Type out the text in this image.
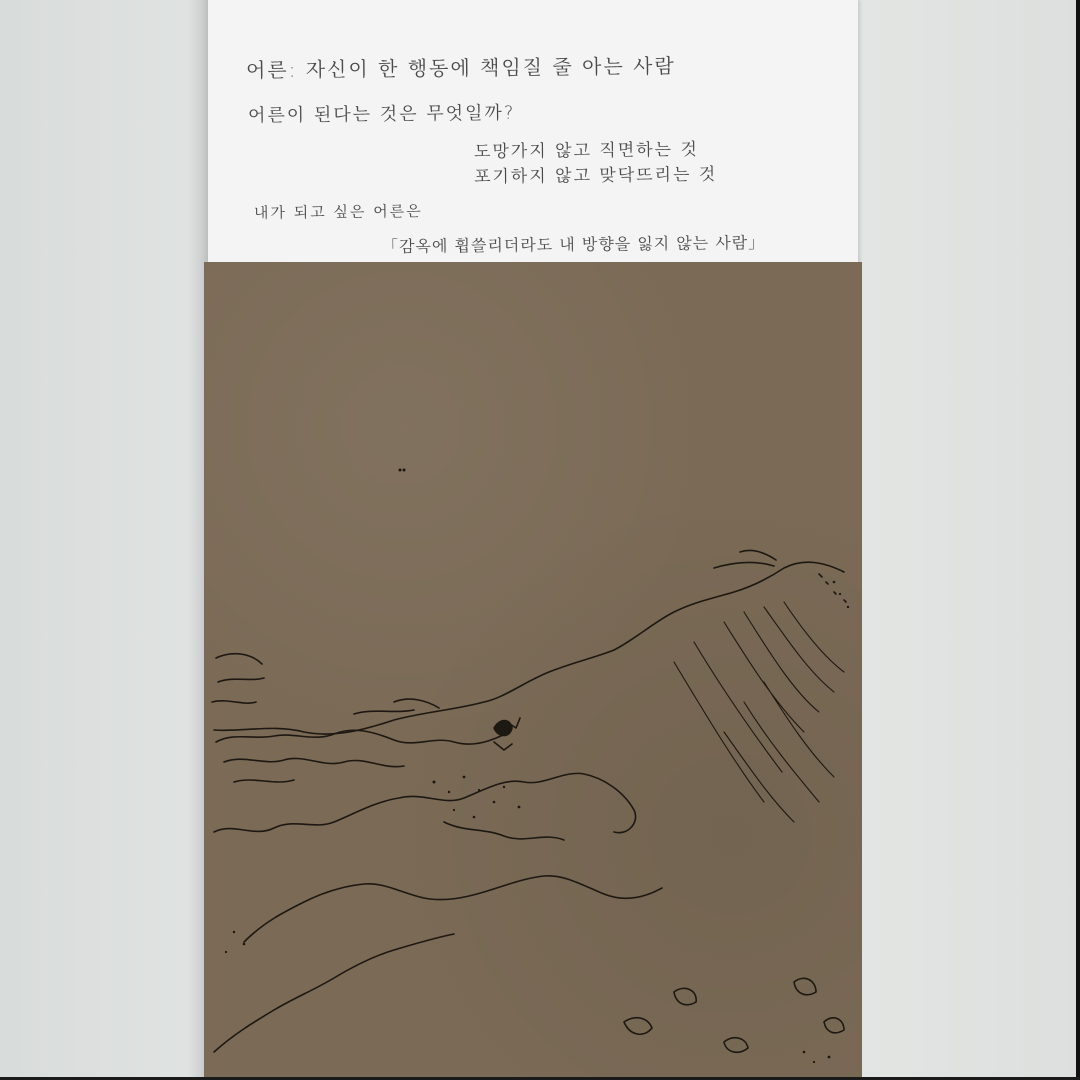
어른: 자신이 한 행동에 책임질 줄 아는 사람
어른이 된다는 것은 무엇일까?
도망가지 않고 직면하는 것
포기하지 않고 맞닥뜨리는 것
내가 되고 싶은 어른은
「감옥에 휩쓸리더라도 내 방향을 잃지 않는 사람」
